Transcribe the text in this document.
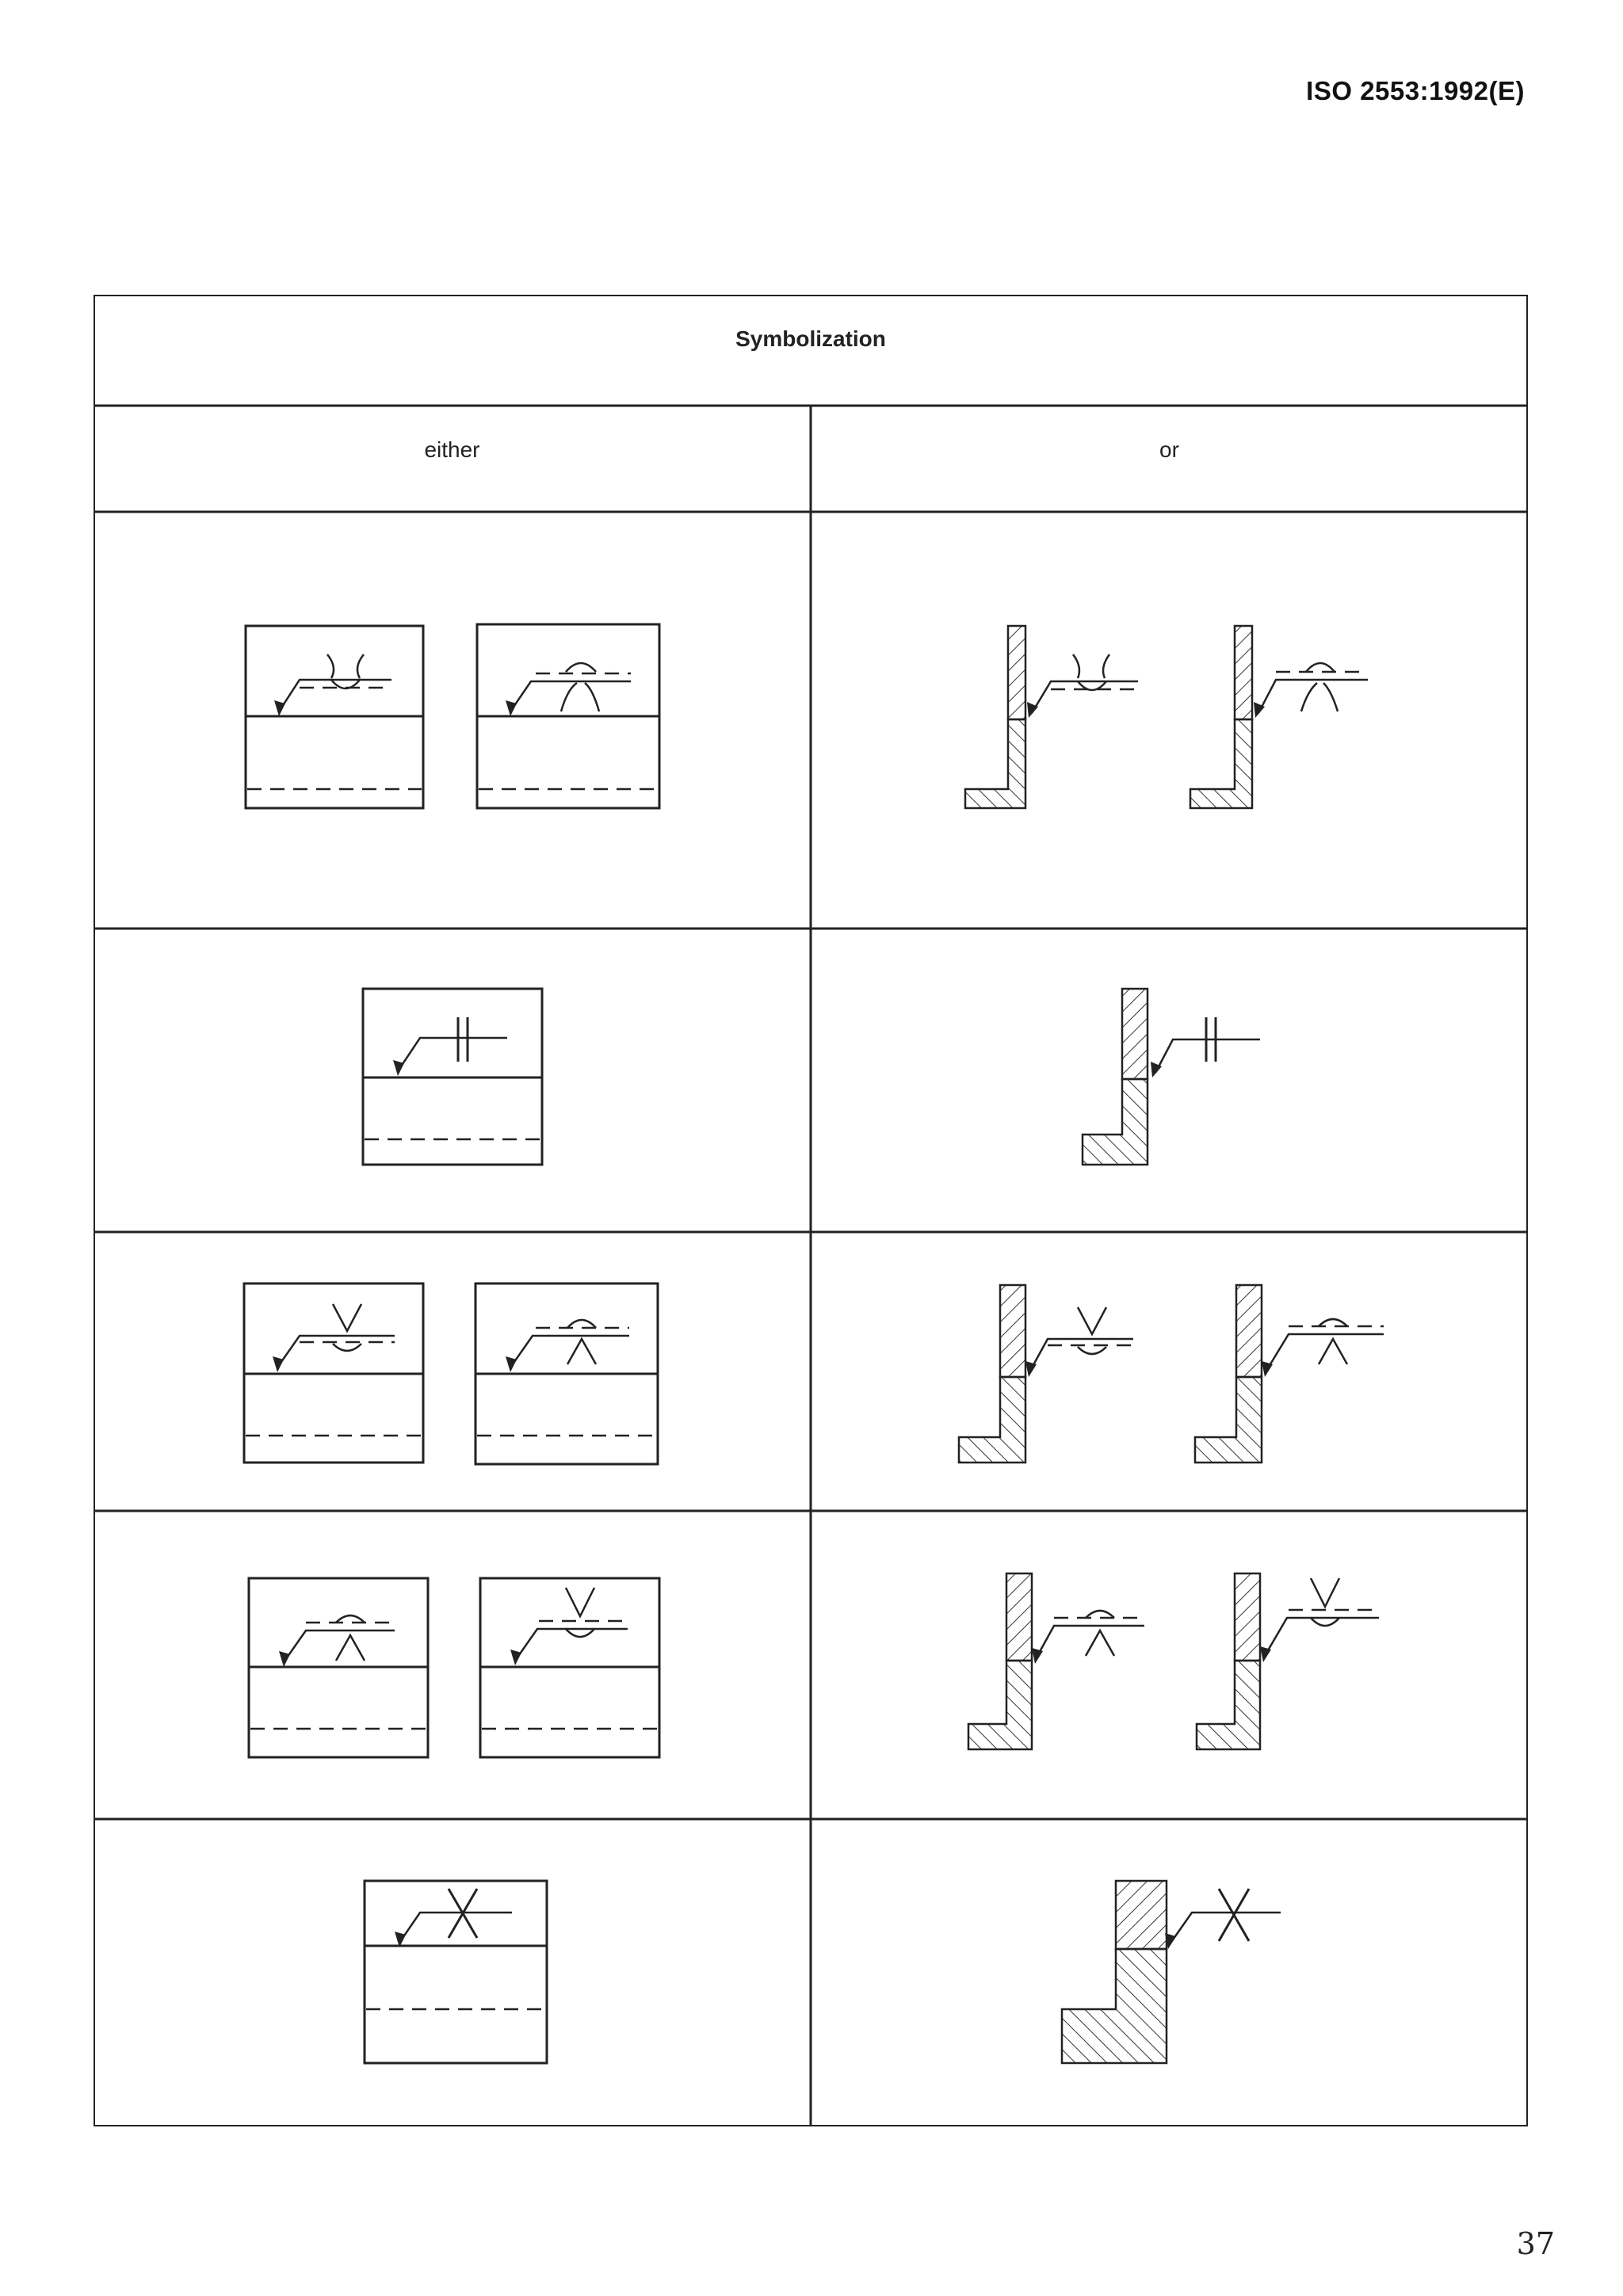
ISO 2553:1992(E)
Symbolization
either	or
37
